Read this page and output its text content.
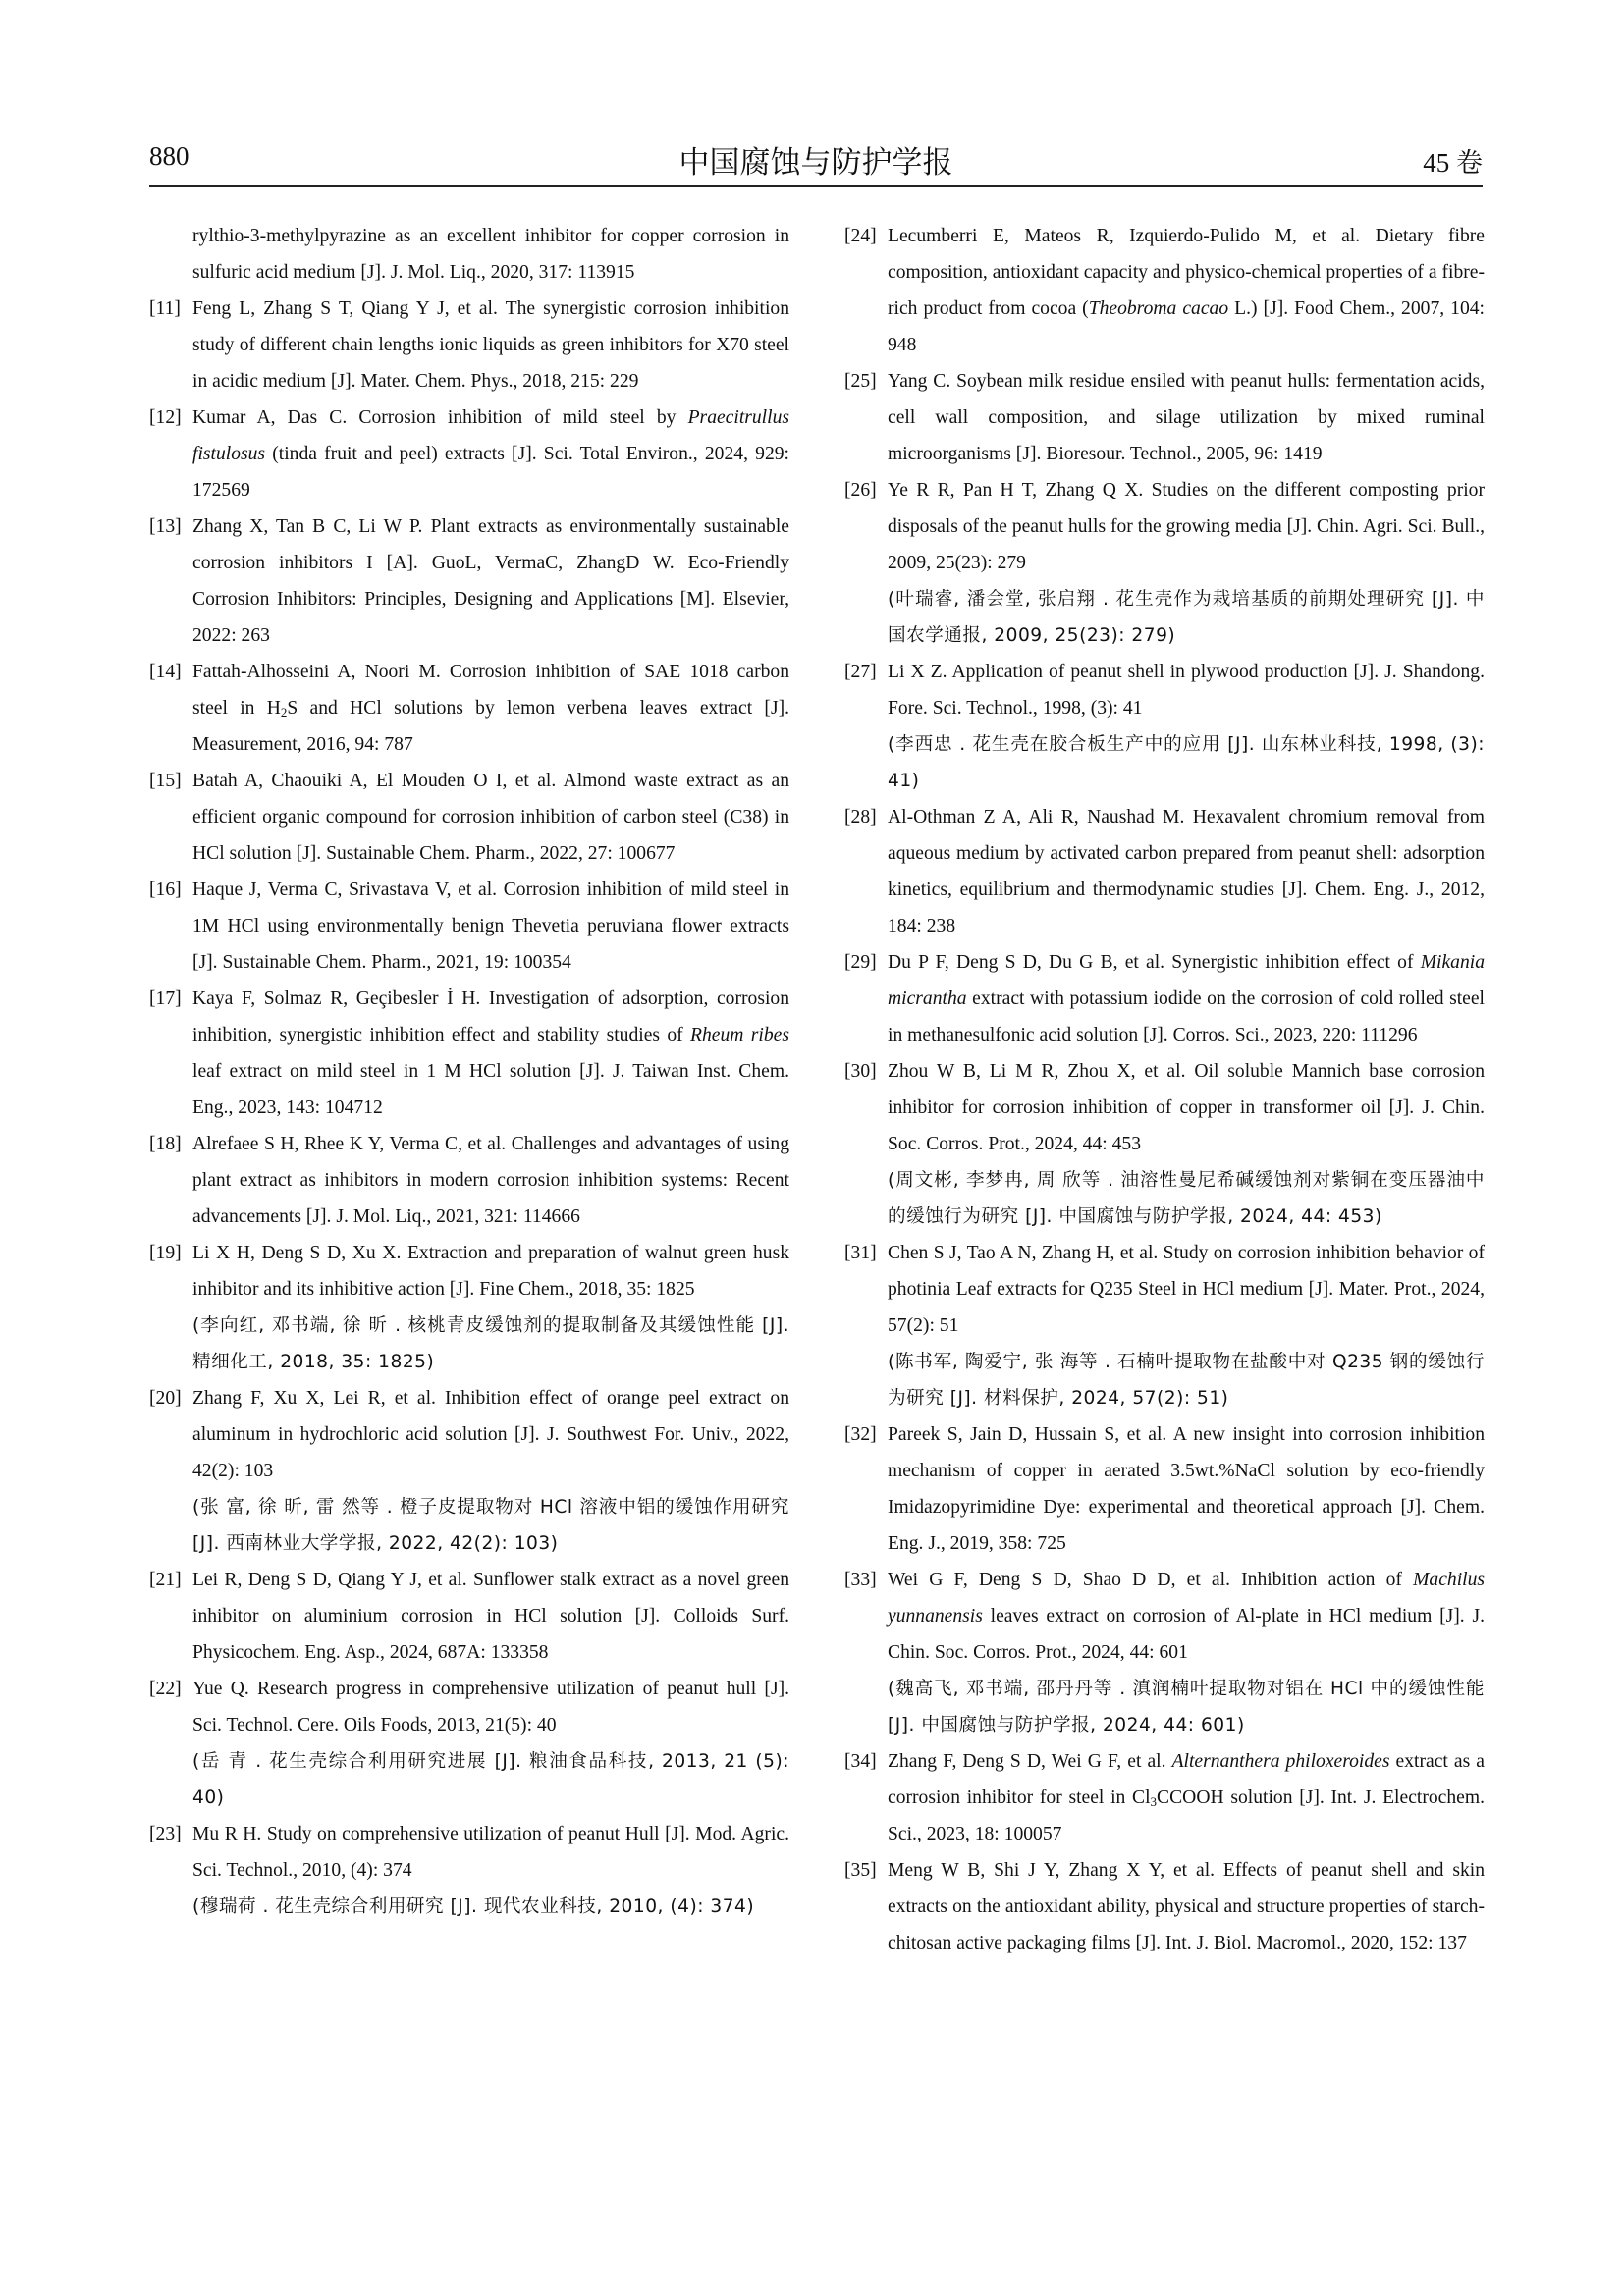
880	中国腐蚀与防护学报	45 卷
rylthio-3-methylpyrazine as an excellent inhibitor for copper corrosion in sulfuric acid medium [J]. J. Mol. Liq., 2020, 317: 113915
[11] Feng L, Zhang S T, Qiang Y J, et al. The synergistic corrosion inhibition study of different chain lengths ionic liquids as green inhibitors for X70 steel in acidic medium [J]. Mater. Chem. Phys., 2018, 215: 229
[12] Kumar A, Das C. Corrosion inhibition of mild steel by Praecitrullus fistulosus (tinda fruit and peel) extracts [J]. Sci. Total Environ., 2024, 929: 172569
[13] Zhang X, Tan B C, Li W P. Plant extracts as environmentally sustainable corrosion inhibitors I [A]. GuoL, VermaC, ZhangD W. Eco-Friendly Corrosion Inhibitors: Principles, Designing and Applications [M]. Elsevier, 2022: 263
[14] Fattah-Alhosseini A, Noori M. Corrosion inhibition of SAE 1018 carbon steel in $H_2S$ and HCl solutions by lemon verbena leaves extract [J]. Measurement, 2016, 94: 787
[15] Batah A, Chaouiki A, El Mouden O I, et al. Almond waste extract as an efficient organic compound for corrosion inhibition of carbon steel (C38) in HCl solution [J]. Sustainable Chem. Pharm., 2022, 27: 100677
[16] Haque J, Verma C, Srivastava V, et al. Corrosion inhibition of mild steel in 1M HCl using environmentally benign Thevetia peruviana flower extracts [J]. Sustainable Chem. Pharm., 2021, 19: 100354
[17] Kaya F, Solmaz R, Geçibesler İ H. Investigation of adsorption, corrosion inhibition, synergistic inhibition effect and stability studies of Rheum ribes leaf extract on mild steel in 1 M HCl solution [J]. J. Taiwan Inst. Chem. Eng., 2023, 143: 104712
[18] Alrefaee S H, Rhee K Y, Verma C, et al. Challenges and advantages of using plant extract as inhibitors in modern corrosion inhibition systems: Recent advancements [J]. J. Mol. Liq., 2021, 321: 114666
[19] Li X H, Deng S D, Xu X. Extraction and preparation of walnut green husk inhibitor and its inhibitive action [J]. Fine Chem., 2018, 35: 1825
(李向红, 邓书端, 徐 昕 . 核桃青皮缓蚀剂的提取制备及其缓蚀性能 [J]. 精细化工, 2018, 35: 1825)
[20] Zhang F, Xu X, Lei R, et al. Inhibition effect of orange peel extract on aluminum in hydrochloric acid solution [J]. J. Southwest For. Univ., 2022, 42(2): 103
(张 富, 徐 昕, 雷 然等 . 橙子皮提取物对 HCl 溶液中铝的缓蚀作用研究 [J]. 西南林业大学学报, 2022, 42(2): 103)
[21] Lei R, Deng S D, Qiang Y J, et al. Sunflower stalk extract as a novel green inhibitor on aluminium corrosion in HCl solution [J]. Colloids Surf. Physicochem. Eng. Asp., 2024, 687A: 133358
[22] Yue Q. Research progress in comprehensive utilization of peanut hull [J]. Sci. Technol. Cere. Oils Foods, 2013, 21(5): 40
(岳 青 . 花生壳综合利用研究进展 [J]. 粮油食品科技, 2013, 21 (5): 40)
[23] Mu R H. Study on comprehensive utilization of peanut Hull [J]. Mod. Agric. Sci. Technol., 2010, (4): 374
(穆瑞荷 . 花生壳综合利用研究 [J]. 现代农业科技, 2010, (4): 374)
[24] Lecumberri E, Mateos R, Izquierdo-Pulido M, et al. Dietary fibre composition, antioxidant capacity and physico-chemical properties of a fibre-rich product from cocoa (Theobroma cacao L.) [J]. Food Chem., 2007, 104: 948
[25] Yang C. Soybean milk residue ensiled with peanut hulls: fermentation acids, cell wall composition, and silage utilization by mixed ruminal microorganisms [J]. Bioresour. Technol., 2005, 96: 1419
[26] Ye R R, Pan H T, Zhang Q X. Studies on the different composting prior disposals of the peanut hulls for the growing media [J]. Chin. Agri. Sci. Bull., 2009, 25(23): 279
(叶瑞睿, 潘会堂, 张启翔 . 花生壳作为栽培基质的前期处理研究 [J]. 中国农学通报, 2009, 25(23): 279)
[27] Li X Z. Application of peanut shell in plywood production [J]. J. Shandong. Fore. Sci. Technol., 1998, (3): 41
(李西忠 . 花生壳在胶合板生产中的应用 [J]. 山东林业科技, 1998, (3): 41)
[28] Al-Othman Z A, Ali R, Naushad M. Hexavalent chromium removal from aqueous medium by activated carbon prepared from peanut shell: adsorption kinetics, equilibrium and thermodynamic studies [J]. Chem. Eng. J., 2012, 184: 238
[29] Du P F, Deng S D, Du G B, et al. Synergistic inhibition effect of Mikania micrantha extract with potassium iodide on the corrosion of cold rolled steel in methanesulfonic acid solution [J]. Corros. Sci., 2023, 220: 111296
[30] Zhou W B, Li M R, Zhou X, et al. Oil soluble Mannich base corrosion inhibitor for corrosion inhibition of copper in transformer oil [J]. J. Chin. Soc. Corros. Prot., 2024, 44: 453
(周文彬, 李梦冉, 周 欣等 . 油溶性曼尼希碱缓蚀剂对紫铜在变压器油中的缓蚀行为研究 [J]. 中国腐蚀与防护学报, 2024, 44: 453)
[31] Chen S J, Tao A N, Zhang H, et al. Study on corrosion inhibition behavior of photinia Leaf extracts for Q235 Steel in HCl medium [J]. Mater. Prot., 2024, 57(2): 51
(陈书军, 陶爱宁, 张 海等 . 石楠叶提取物在盐酸中对 Q235 钢的缓蚀行为研究 [J]. 材料保护, 2024, 57(2): 51)
[32] Pareek S, Jain D, Hussain S, et al. A new insight into corrosion inhibition mechanism of copper in aerated 3.5wt.%NaCl solution by eco-friendly Imidazopyrimidine Dye: experimental and theoretical approach [J]. Chem. Eng. J., 2019, 358: 725
[33] Wei G F, Deng S D, Shao D D, et al. Inhibition action of Machilus yunnanensis leaves extract on corrosion of Al-plate in HCl medium [J]. J. Chin. Soc. Corros. Prot., 2024, 44: 601
(魏高飞, 邓书端, 邵丹丹等 . 滇润楠叶提取物对铝在 HCl 中的缓蚀性能 [J]. 中国腐蚀与防护学报, 2024, 44: 601)
[34] Zhang F, Deng S D, Wei G F, et al. Alternanthera philoxeroides extract as a corrosion inhibitor for steel in $Cl_3CCOOH$ solution [J]. Int. J. Electrochem. Sci., 2023, 18: 100057
[35] Meng W B, Shi J Y, Zhang X Y, et al. Effects of peanut shell and skin extracts on the antioxidant ability, physical and structure properties of starch-chitosan active packaging films [J]. Int. J. Biol. Macromol., 2020, 152: 137
